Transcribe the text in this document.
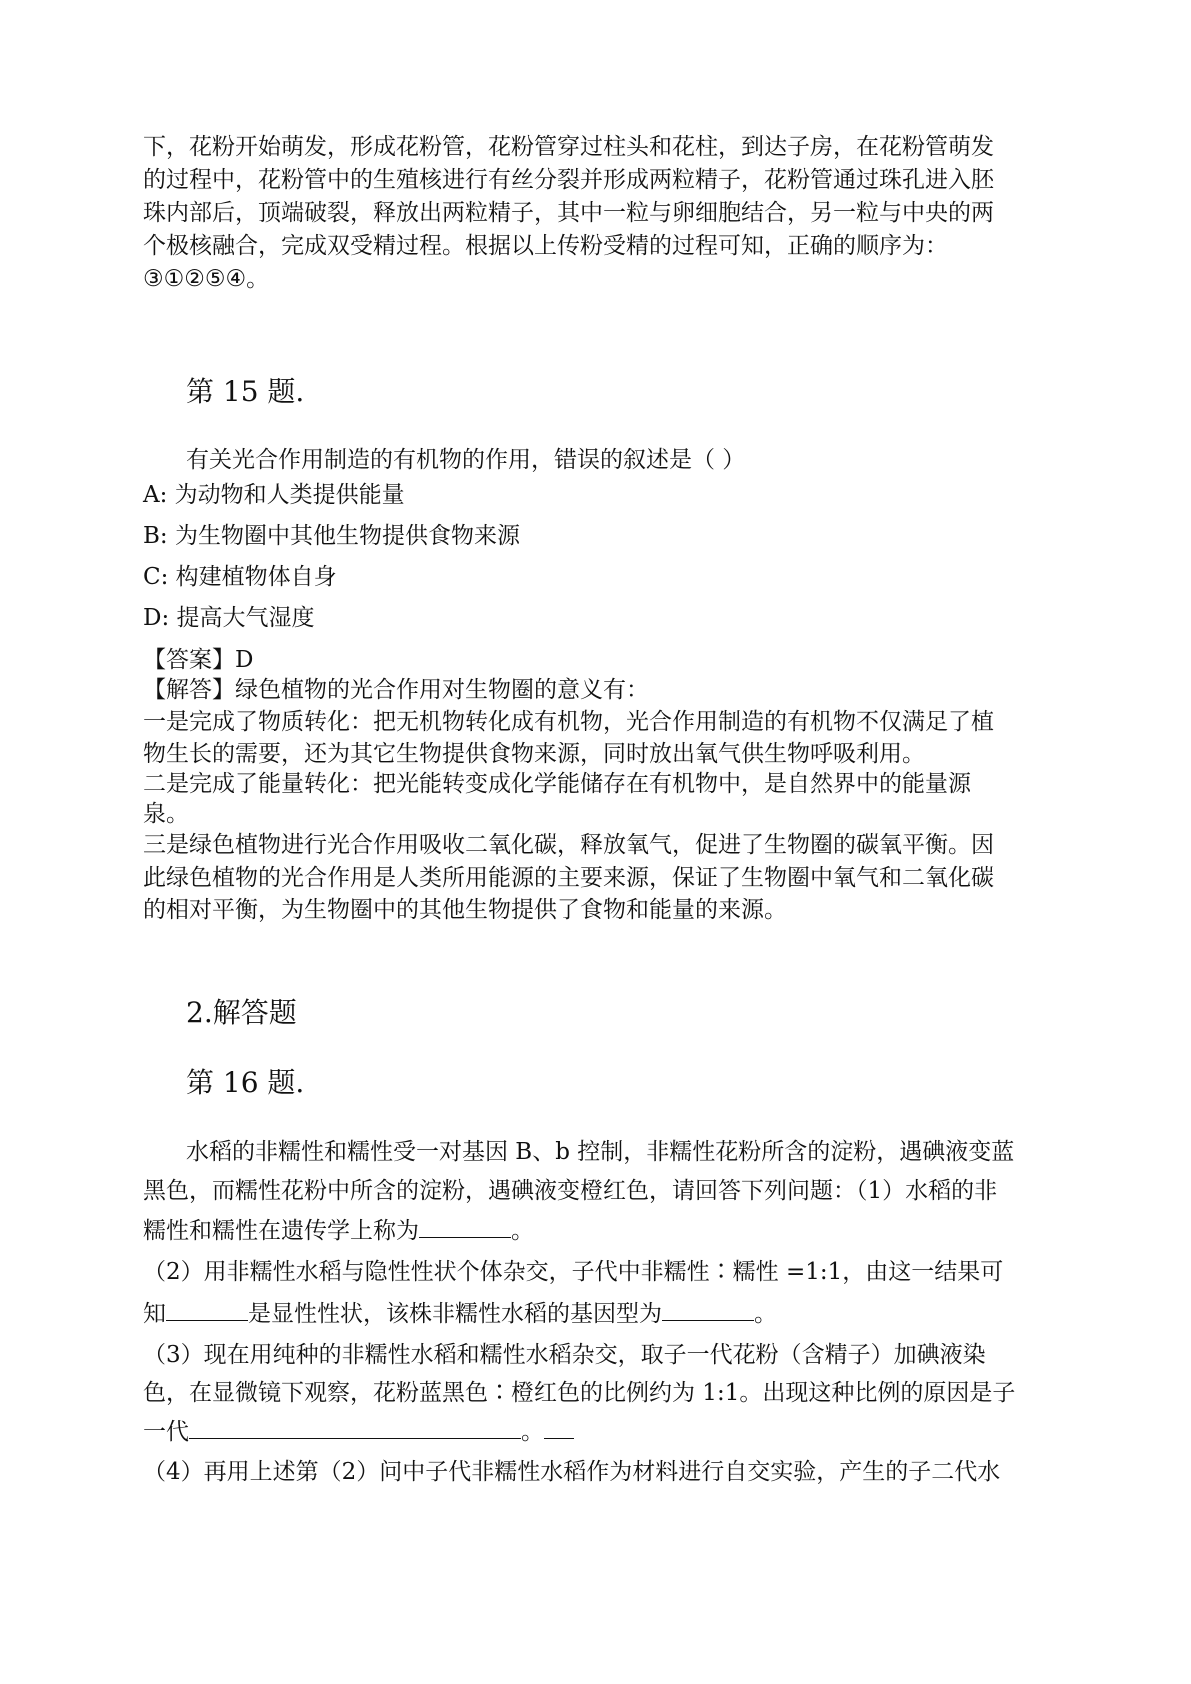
下，花粉开始萌发，形成花粉管，花粉管穿过柱头和花柱，到达子房，在花粉管萌发

的过程中，花粉管中的生殖核进行有丝分裂并形成两粒精子，花粉管通过珠孔进入胚

珠内部后，顶端破裂，释放出两粒精子，其中一粒与卵细胞结合，另一粒与中央的两

个极核融合，完成双受精过程。根据以上传粉受精的过程可知，正确的顺序为：

③①②⑤④。

第 15 题.

有关光合作用制造的有机物的作用，错误的叙述是（ ）

A: 为动物和人类提供能量

B: 为生物圈中其他生物提供食物来源

C: 构建植物体自身

D: 提高大气湿度

【答案】D

【解答】绿色植物的光合作用对生物圈的意义有：

一是完成了物质转化：把无机物转化成有机物，光合作用制造的有机物不仅满足了植

物生长的需要，还为其它生物提供食物来源，同时放出氧气供生物呼吸利用。

二是完成了能量转化：把光能转变成化学能储存在有机物中，是自然界中的能量源

泉。

三是绿色植物进行光合作用吸收二氧化碳，释放氧气，促进了生物圈的碳氧平衡。因

此绿色植物的光合作用是人类所用能源的主要来源，保证了生物圈中氧气和二氧化碳

的相对平衡，为生物圈中的其他生物提供了食物和能量的来源。

2.解答题

第 16 题.

水稻的非糯性和糯性受一对基因 B、b 控制，非糯性花粉所含的淀粉，遇碘液变蓝

黑色，而糯性花粉中所含的淀粉，遇碘液变橙红色，请回答下列问题：（1）水稻的非

糯性和糯性在遗传学上称为	。

（2）用非糯性水稻与隐性性状个体杂交，子代中非糯性∶糯性 =1:1，由这一结果可

知	是显性性状，该株非糯性水稻的基因型为	。

（3）现在用纯种的非糯性水稻和糯性水稻杂交，取子一代花粉（含精子）加碘液染

色，在显微镜下观察，花粉蓝黑色∶橙红色的比例约为 1:1。出现这种比例的原因是子

一代	。

（4）再用上述第（2）问中子代非糯性水稻作为材料进行自交实验，产生的子二代水
